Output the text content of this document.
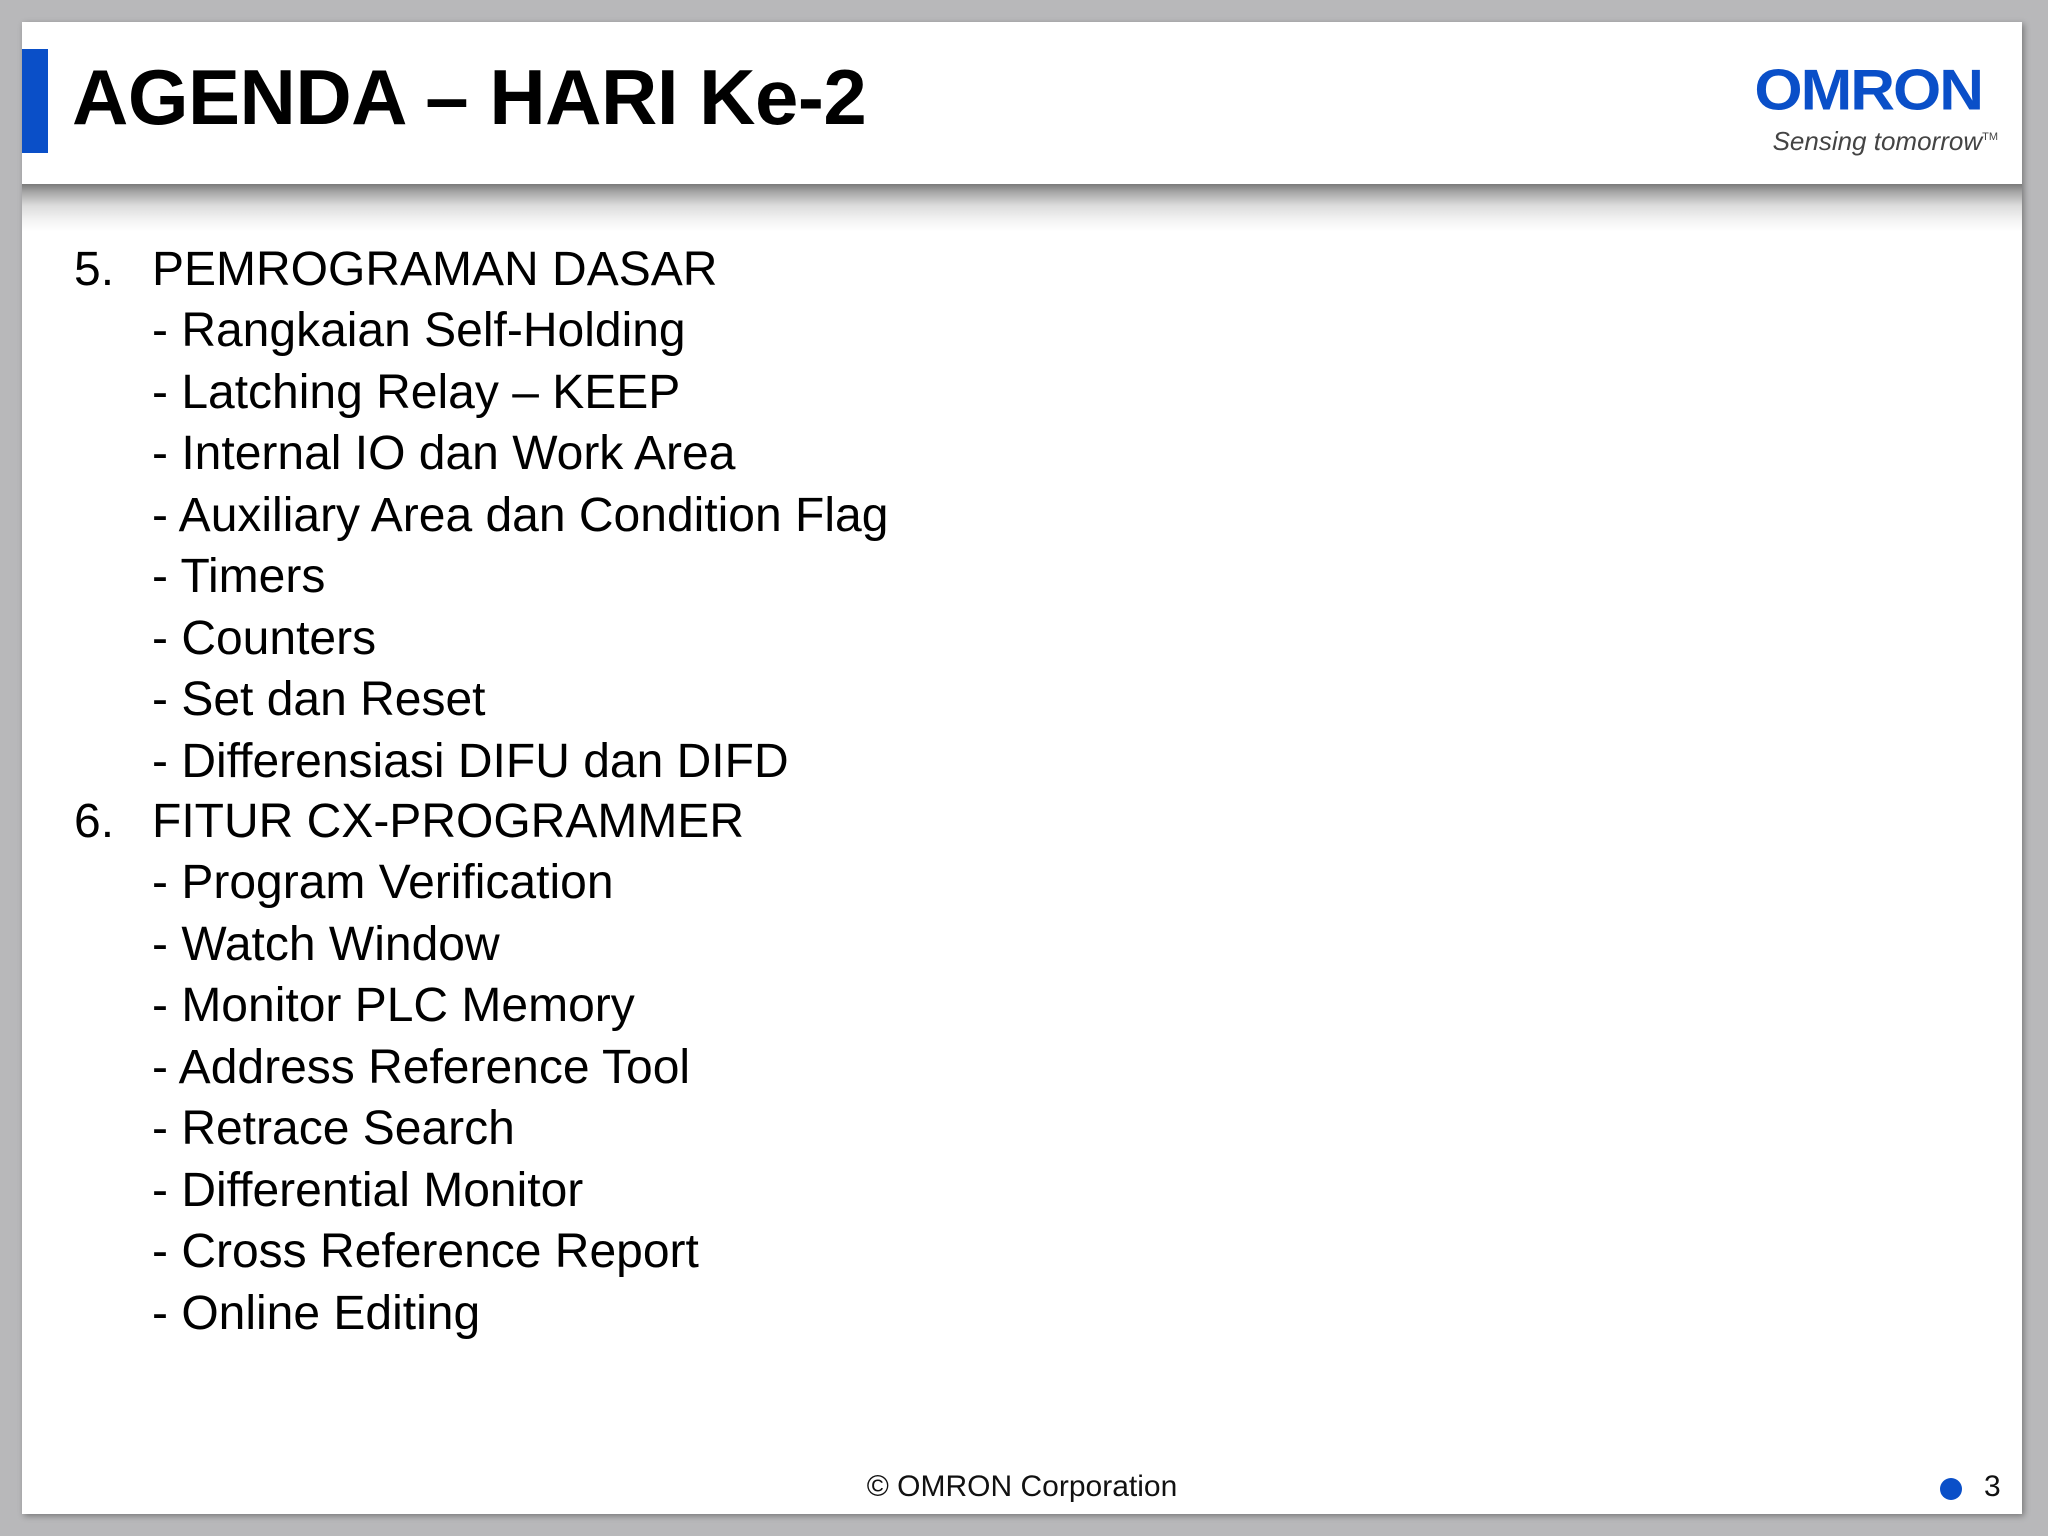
AGENDA – HARI Ke-2	OMRON
Sensing tomorrow™
5. PEMROGRAMAN DASAR
- Rangkaian Self-Holding
- Latching Relay – KEEP
- Internal IO dan Work Area
- Auxiliary Area dan Condition Flag
- Timers
- Counters
- Set dan Reset
- Differensiasi DIFU dan DIFD
6. FITUR CX-PROGRAMMER
- Program Verification
- Watch Window
- Monitor PLC Memory
- Address Reference Tool
- Retrace Search
- Differential Monitor
- Cross Reference Report
- Online Editing
© OMRON Corporation	3
